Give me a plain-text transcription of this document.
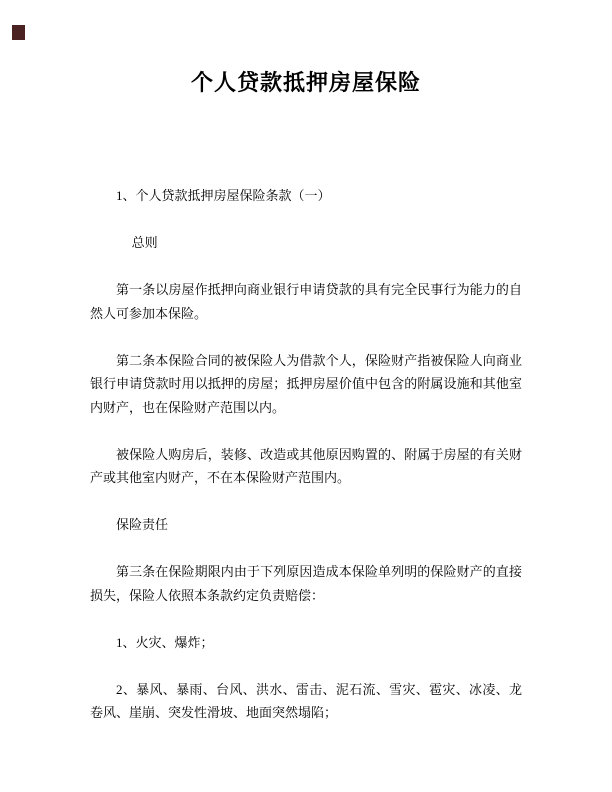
个人贷款抵押房屋保险

1、个人贷款抵押房屋保险条款（一）

总则

第一条以房屋作抵押向商业银行申请贷款的具有完全民事行为能力的自然人可参加本保险。

第二条本保险合同的被保险人为借款个人，保险财产指被保险人向商业银行申请贷款时用以抵押的房屋；抵押房屋价值中包含的附属设施和其他室内财产，也在保险财产范围以内。

被保险人购房后，装修、改造或其他原因购置的、附属于房屋的有关财产或其他室内财产，不在本保险财产范围内。

保险责任

第三条在保险期限内由于下列原因造成本保险单列明的保险财产的直接损失，保险人依照本条款约定负责赔偿：

1、火灾、爆炸；

2、暴风、暴雨、台风、洪水、雷击、泥石流、雪灾、雹灾、冰凌、龙卷风、崖崩、突发性滑坡、地面突然塌陷；
